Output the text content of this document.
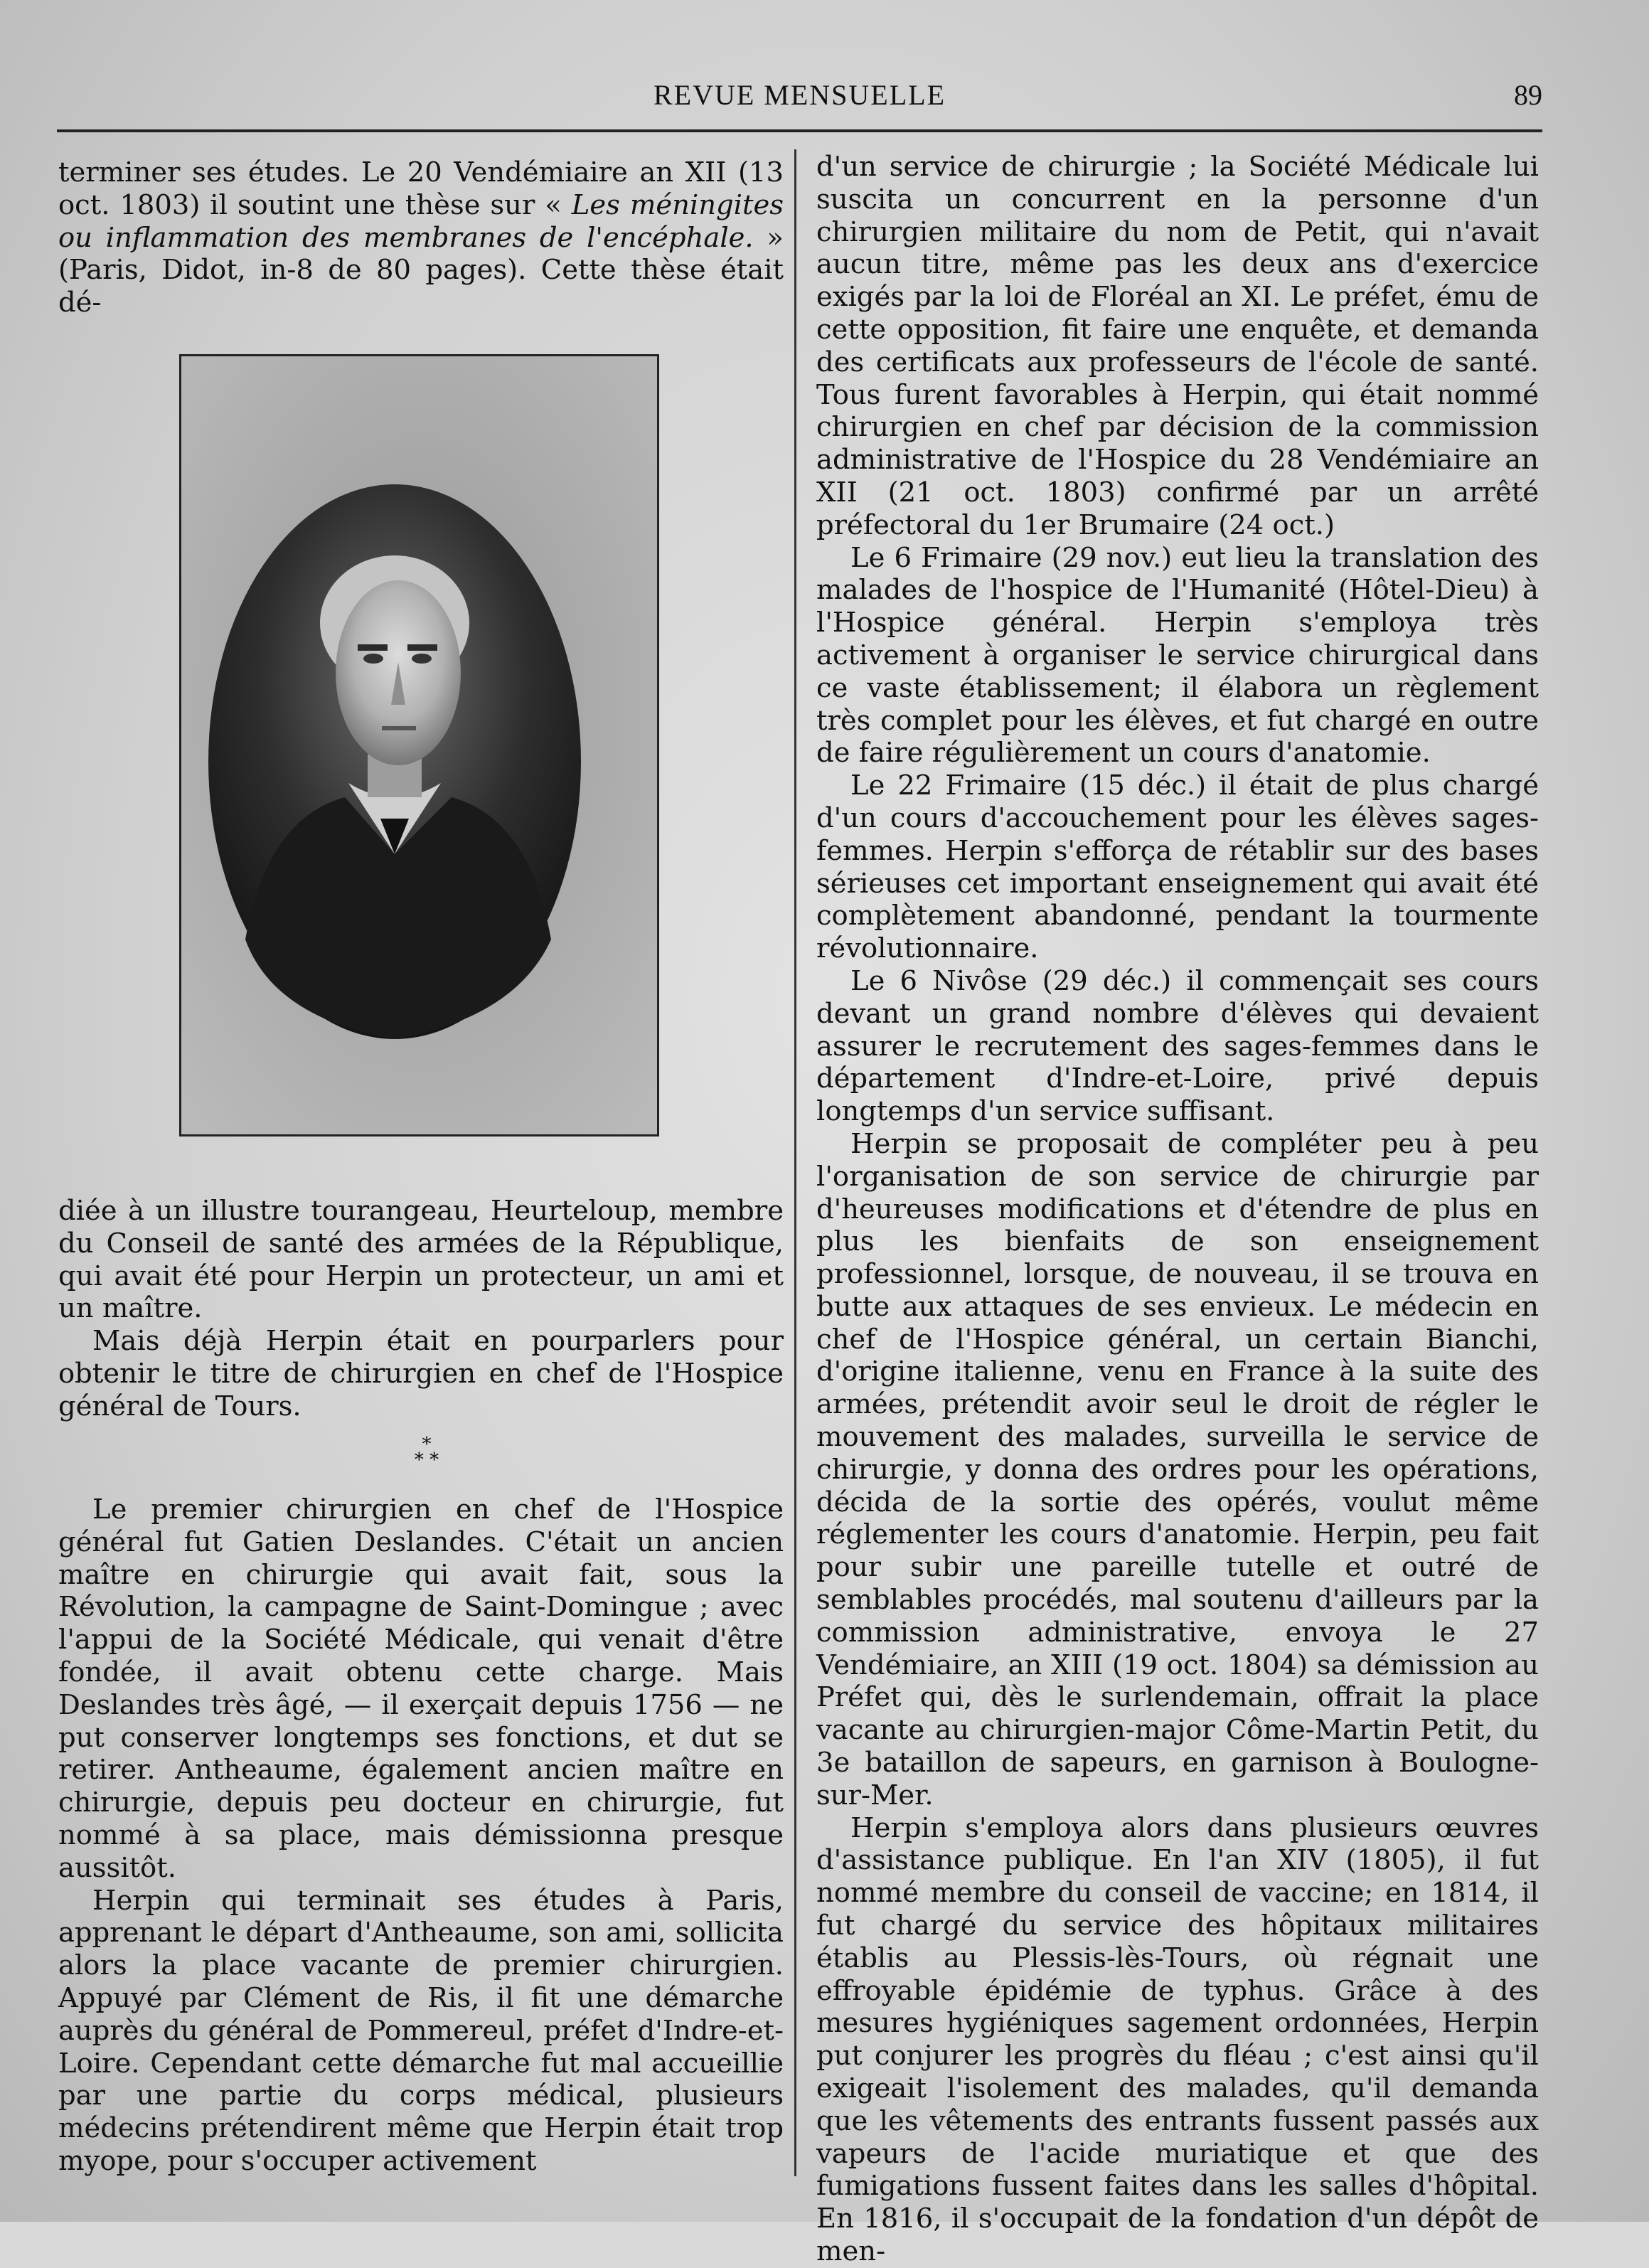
REVUE MENSUELLE	89

terminer ses études. Le 20 Vendémiaire an XII (13 oct. 1803) il soutint une thèse sur « Les méningites ou inflammation des membranes de l'encéphale. » (Paris, Didot, in-8 de 80 pages). Cette thèse était dé-

diée à un illustre tourangeau, Heurteloup, membre du Conseil de santé des armées de la République, qui avait été pour Herpin un protecteur, un ami et un maître.

Mais déjà Herpin était en pourparlers pour obtenir le titre de chirurgien en chef de l'Hospice général de Tours.

*
* *

Le premier chirurgien en chef de l'Hospice général fut Gatien Deslandes. C'était un ancien maître en chirurgie qui avait fait, sous la Révolution, la campagne de Saint-Domingue ; avec l'appui de la Société Médicale, qui venait d'être fondée, il avait obtenu cette charge. Mais Deslandes très âgé, — il exerçait depuis 1756 — ne put conserver longtemps ses fonctions, et dut se retirer. Antheaume, également ancien maître en chirurgie, depuis peu docteur en chirurgie, fut nommé à sa place, mais démissionna presque aussitôt.

Herpin qui terminait ses études à Paris, apprenant le départ d'Antheaume, son ami, sollicita alors la place vacante de premier chirurgien. Appuyé par Clément de Ris, il fit une démarche auprès du général de Pommereul, préfet d'Indre-et-Loire. Cependant cette démarche fut mal accueillie par une partie du corps médical, plusieurs médecins prétendirent même que Herpin était trop myope, pour s'occuper activement

d'un service de chirurgie ; la Société Médicale lui suscita un concurrent en la personne d'un chirurgien militaire du nom de Petit, qui n'avait aucun titre, même pas les deux ans d'exercice exigés par la loi de Floréal an XI. Le préfet, ému de cette opposition, fit faire une enquête, et demanda des certificats aux professeurs de l'école de santé. Tous furent favorables à Herpin, qui était nommé chirurgien en chef par décision de la commission administrative de l'Hospice du 28 Vendémiaire an XII (21 oct. 1803) confirmé par un arrêté préfectoral du 1er Brumaire (24 oct.)

Le 6 Frimaire (29 nov.) eut lieu la translation des malades de l'hospice de l'Humanité (Hôtel-Dieu) à l'Hospice général. Herpin s'employa très activement à organiser le service chirurgical dans ce vaste établissement; il élabora un règlement très complet pour les élèves, et fut chargé en outre de faire régulièrement un cours d'anatomie.

Le 22 Frimaire (15 déc.) il était de plus chargé d'un cours d'accouchement pour les élèves sages-femmes. Herpin s'efforça de rétablir sur des bases sérieuses cet important enseignement qui avait été complètement abandonné, pendant la tourmente révolutionnaire.

Le 6 Nivôse (29 déc.) il commençait ses cours devant un grand nombre d'élèves qui devaient assurer le recrutement des sages-femmes dans le département d'Indre-et-Loire, privé depuis longtemps d'un service suffisant.

Herpin se proposait de compléter peu à peu l'organisation de son service de chirurgie par d'heureuses modifications et d'étendre de plus en plus les bienfaits de son enseignement professionnel, lorsque, de nouveau, il se trouva en butte aux attaques de ses envieux. Le médecin en chef de l'Hospice général, un certain Bianchi, d'origine italienne, venu en France à la suite des armées, prétendit avoir seul le droit de régler le mouvement des malades, surveilla le service de chirurgie, y donna des ordres pour les opérations, décida de la sortie des opérés, voulut même réglementer les cours d'anatomie. Herpin, peu fait pour subir une pareille tutelle et outré de semblables procédés, mal soutenu d'ailleurs par la commission administrative, envoya le 27 Vendémiaire, an XIII (19 oct. 1804) sa démission au Préfet qui, dès le surlendemain, offrait la place vacante au chirurgien-major Côme-Martin Petit, du 3e bataillon de sapeurs, en garnison à Boulogne-sur-Mer.

Herpin s'employa alors dans plusieurs œuvres d'assistance publique. En l'an XIV (1805), il fut nommé membre du conseil de vaccine; en 1814, il fut chargé du service des hôpitaux militaires établis au Plessis-lès-Tours, où régnait une effroyable épidémie de typhus. Grâce à des mesures hygiéniques sagement ordonnées, Herpin put conjurer les progrès du fléau ; c'est ainsi qu'il exigeait l'isolement des malades, qu'il demanda que les vêtements des entrants fussent passés aux vapeurs de l'acide muriatique et que des fumigations fussent faites dans les salles d'hôpital. En 1816, il s'occupait de la fondation d'un dépôt de men-
